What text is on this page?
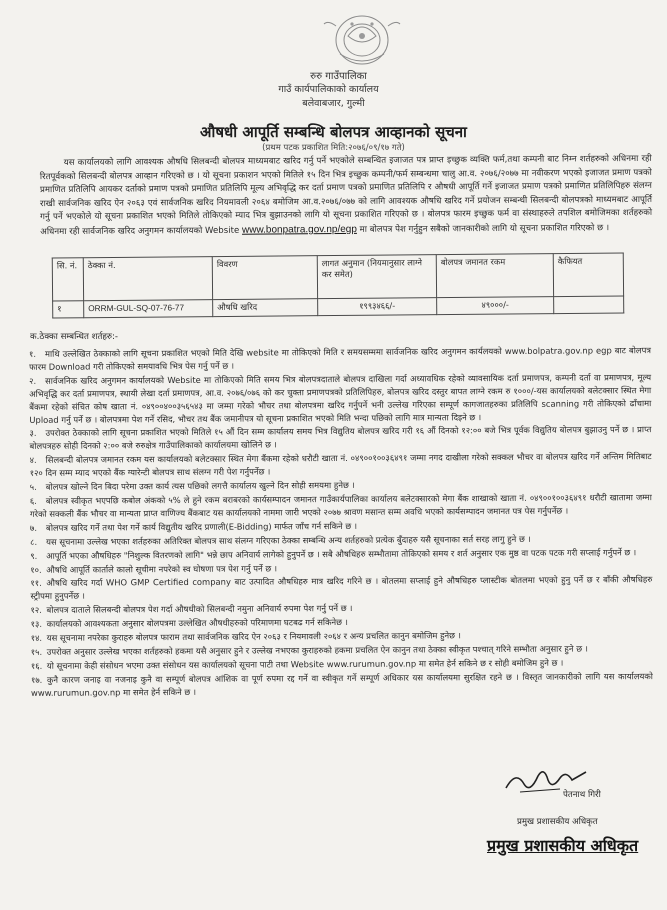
रुरु गाउँपालिका
गाउँ कार्यपालिकाको कार्यालय
बलेवाबजार, गुल्मी
औषधी आपूर्ति सम्बन्धि बोलपत्र आव्हानको सूचना
(प्रथम पटक प्रकाशित मिति:२०७६/०९/१७ गते)
यस कार्यालयको लागि आवश्यक औषधि सिलबन्दी बोलपत्र माध्यमबाट खरिद गर्नु पर्ने भएकोले सम्बन्धित इजाजत पत्र प्राप्त इच्छुक व्यक्ति फर्म,तथा कम्पनी बाट निम्न शर्तहरुको अधिनमा रही रितपूर्वकको सिलबन्दी बोलपत्र आव्हान गरिएको छ । यो सूचना प्रकाशन भएको मितिले १५ दिन भित्र इच्छुक कम्पनी/फर्म सम्बन्धमा चालु आ.व. २०७६/२०७७ मा नवीकरण भएको इजाजत प्रमाण पत्रको प्रमाणित प्रतिलिपि आयकर दर्ताको प्रमाण पत्रको प्रमाणित प्रतिलिपि मूल्य अभिवृद्धि कर दर्ता प्रमाण पत्रको प्रमाणित प्रतिलिपि र औषधी आपूर्ति गर्ने इजाजत प्रमाण पत्रको प्रमाणित प्रतिलिपिहरु संलग्न राखी सार्वजनिक खरिद ऐन २०६३ एवं सार्वजनिक खरिद नियमावली २०६४ बमोजिम आ.व.२०७६/०७७ को लागि आवश्यक औषधि खरिद गर्ने प्रयोजन सम्बन्धी सिलबन्दी बोलपत्रको माध्यमबाट आपूर्ति गर्नु पर्ने भएकोले यो सूचना प्रकाशित भएको मितिले तोकिएको म्याद भित्र बुझाउनको लागि यो सूचना प्रकाशित गरिएको छ । बोलपत्र फारम इच्छुक फर्म वा संस्थाहरुले तपशिल बमोजिमका शर्तहरुको अधिनमा रही सार्वजनिक खरिद अनुगमन कार्यालयको Website www.bonpatra.gov.np/egp मा बोलपत्र पेश गर्नुहुन सबैको जानकारीको लागि यो सूचना प्रकाशित गरिएको छ ।
सि. नं.	ठेक्का नं.	विवरण	लागत अनुमान (नियमानुसार लाग्ने कर समेत)	बोलपत्र जमानत रकम	कैफियत
१	ORRM-GUL-SQ-07-76-77	औषधि खरिद	१९९३४६६/-	४९०००/-	
क.ठेक्का सम्बन्धित शर्तहरु:-
१. माथि उल्लेखित ठेक्काको लागि सूचना प्रकाशित भएको मिति देखि website मा तोकिएको मिति र समयसम्ममा सार्वजनिक खरिद अनुगमन कार्यलयको www.bolpatra.gov.np egp बाट बोलपत्र फारम Download गरी तोकिएको समयावधि भित्र पेस गर्नु पर्ने छ ।
२. सार्वजनिक खरिद अनुगमन कार्यालयको Website मा तोकिएको मिति समय भित्र बोलपत्रदाताले बोलपत्र दाखिला गर्दा अध्यावधिक रहेको व्यावसायिक दर्ता प्रमाणपत्र, कम्पनी दर्ता वा प्रमाणपत्र, मूल्य अभिवृद्धि कर दर्ता प्रमाणपत्र, स्थायी लेखा दर्ता प्रमाणपत्र, आ.व. २०७६/०७६ को कर चुक्ता प्रमाणपत्रको प्रतिलिपिहरु, बोलपत्र खरिद दस्तुर बापत लाग्ने रकम रु १०००/-यस कार्यालयको बलेटक्सार स्थित मेगा बैंकमा रहेको संचित कोष खाता नं. ०४९००४००३५६५४३ मा जम्मा गरेको भौचर तथा बोलपत्रमा खरिद गर्नुपर्ने भनी उल्लेख गरिएका सम्पूर्ण कागजातहरुका प्रतिलिपि scanning गरी तोकिएको ढाँचामा Upload गर्नु पर्ने छ । बोलपत्रमा पेश गर्ने रसिद, भौचर तथ बैंक जमानीपत्र यो सूचना प्रकाशित भएको मिति भन्दा पछिको लागि मात्र मान्यता दिइने छ ।
३. उपरोक्त ठेक्काको लागि सूचना प्रकाशित भएको मितिले १५ औं दिन सम्म कार्यालय समय भित्र विद्युतिय बोलपत्र खरिद गरी १६ औं दिनको १२:०० बजे भित्र पूर्वक विद्युतिय बोलपत्र बुझाउनु पर्ने छ । प्राप्त बोलपत्रहरु सोही दिनको २:०० बजे रुरुक्षेत्र गाउँपालिकाको कार्यालयमा खोलिने छ ।
४. सिलबन्दी बोलपत्र जमानत रकम यस कार्यालयको बलेटक्सार स्थित मेगा बैंकमा रहेको धरौटी खाता नं. ०४९००१००३६४९१ जम्मा नगद दाखीला गरेको सक्कल भौचर वा बोलपत्र खरिद गर्ने अन्तिम मितिबाट १२० दिन सम्म म्याद भएको बैंक ग्यारेन्टी बोलपत्र साथ संलग्न गरी पेश गर्नुपर्नेछ ।
५. बोलपत्र खोल्ने दिन बिदा परेमा उक्त कार्य त्यस पछिको लगत्तै कार्यालय खुल्ने दिन सोही समयमा हुनेछ ।
६. बोलपत्र स्वीकृत भएपछि कबोल अंकको ५% ले हुने रकम बराबरको कार्यसम्पादन जमानत गाउँकार्यपालिका कार्यालय बलेटक्सारको मेगा बैंक शाखाको खाता नं. ०४९००१००३६४९१ धरौटी खातामा जम्मा गरेको सक्कली बैंक भौचर वा मान्यता प्राप्त वाणिज्य बैंकबाट यस कार्यालयको नाममा जारी भएको २०७७ श्रावण मसान्त सम्म अवधि भएको कार्यसम्पादन जमानत पत्र पेस गर्नुपर्नेछ ।
७. बोलपत्र खरिद गर्ने तथा पेश गर्ने कार्य विद्युतीय खरिद प्रणाली(E-Bidding) मार्फत जाँच गर्न सकिने छ ।
८. यस सूचनामा उल्लेख भएका शर्तहरुका अतिरिक्त बोलपत्र साथ संलग्न गरिएका ठेक्का सम्बन्धि अन्य शर्तहरुको प्रत्येक बुँदाहरु यसै सूचनाका सर्त सरह लागु हुने छ ।
९. आपूर्ति भएका औषधिहरु "निशुल्क वितरणको लागि" भन्ने छाप अनिवार्य लागेको हुनुपर्ने छ । सबै औषधिहरु सम्भौतामा तोकिएको समय र शर्त अनुसार एक मुष्ठ वा पटक पटक गरी सप्लाई गर्नुपर्ने छ ।
१०. औषधि आपूर्ति कार्ताले कालो सूचीमा नपरेको स्व घोषणा पत्र पेश गर्नु पर्ने छ ।
११. औषधि खरिद गर्दा WHO GMP Certified company बाट उत्पादित औषधिहरु मात्र खरिद गरिने छ । बोतलमा सप्लाई हुने औषधिहरु प्लास्टीक बोतलमा भएको हुनु पर्ने छ र बाँकी औषधिहरु स्ट्रीपमा हुनुपर्नेछ ।
१२. बोलपत्र दाताले सिलबन्दी बोलपत्र पेश गर्दा औषधीको सिलबन्दी नमुना अनिवार्य रुपमा पेश गर्नु पर्ने छ ।
१३. कार्यालयको आवश्यकता अनुसार बोलपत्रमा उल्लेखित औषधीहरुको परिमाणमा घटबढ गर्न सकिनेछ ।
१४. यस सूचनामा नपरेका कुराहरु बोलपत्र फाराम तथा सार्वजनिक खरिद ऐन २०६३ र नियमावली २०६४ र अन्य प्रचलित कानुन बमोजिम हुनेछ ।
१५. उपरोक्त अनुसार उल्लेख भएका शर्तहरुको हकमा यसै अनुसार हुने र उल्लेख नभएका कुराहरुको हकमा प्रचलित ऐन कानुन तथा ठेक्का स्वीकृत पश्चात् गरिने सम्भौता अनुसार हुने छ ।
१६. यो सूचनामा केही संसोधन भएमा उक्त संसोधन यस कार्यालयको सूचना पाटी तथा Website www.rurumun.gov.np मा समेत हेर्न सकिने छ र सोही बमोजिम हुने छ ।
१७. कुनै कारण जनाइ वा नजनाइ कुनै वा सम्पूर्ण बोलपत्र आंशिक वा पूर्ण रुपमा रद्द गर्ने वा स्वीकृत गर्ने सम्पूर्ण अधिकार यस कार्यालयमा सुरक्षित रहने छ । विस्तृत जानकारीको लागि यस कार्यालयको www.rurumun.gov.np मा समेत हेर्न सकिने छ ।
पेतनाथ गिरी
प्रमुख प्रशासकीय अधिकृत
प्रमुख प्रशासकीय अधिकृत
